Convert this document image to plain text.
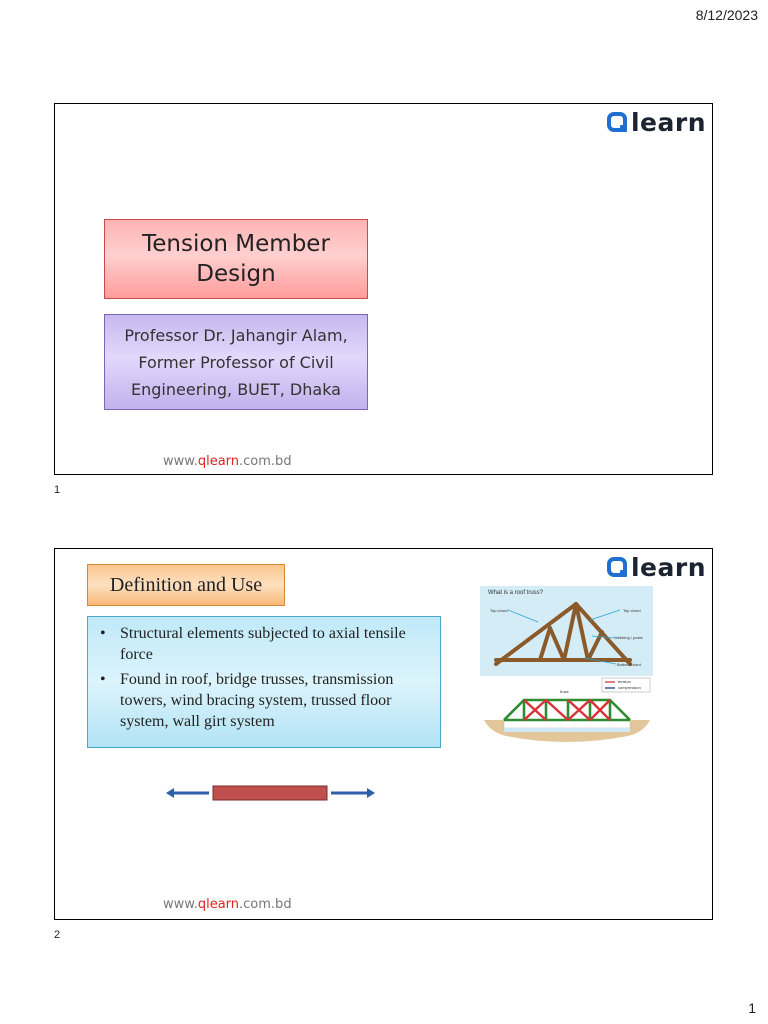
8/12/2023
learn
Tension Member
Design
Professor Dr. Jahangir Alam,
Former Professor of Civil
Engineering, BUET, Dhaka
www.qlearn.com.bd
1
learn
Definition and Use
• Structural elements subjected to axial tensile force
• Found in roof, bridge trusses, transmission towers, wind bracing system, trussed floor system, wall girt system
What is a roof truss?
Top chord	Top chord
Webbing / posts
Bottom chord
truss
tension
compression
www.qlearn.com.bd
2
1
